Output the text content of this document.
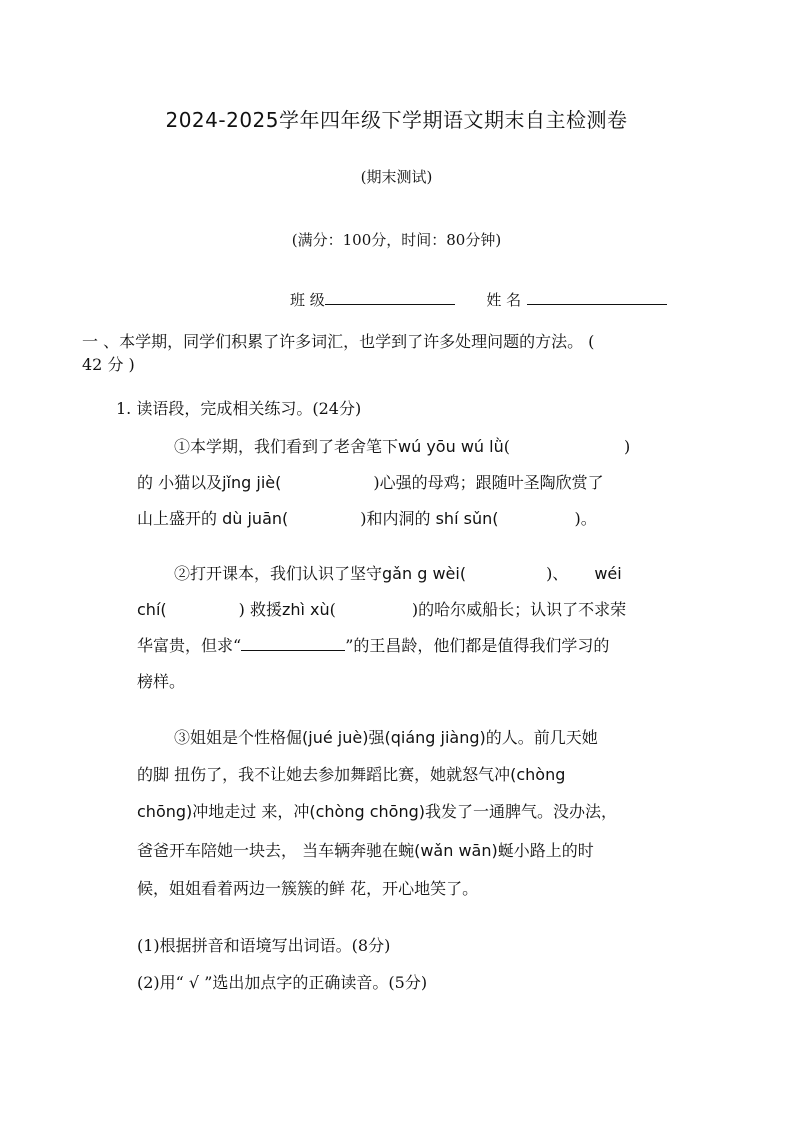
2024-2025学年四年级下学期语文期末自主检测卷
(期末测试)
(满分：100分，时间：80分钟)
班 级	姓 名
一 、本学期，同学们积累了许多词汇，也学到了许多处理问题的方法。 (
42 分 )
1. 读语段，完成相关练习。(24分)
①本学期，我们看到了老舍笔下wú yōu wú lǜ(	)
的 小猫以及jǐng jiè(	)心强的母鸡；跟随叶圣陶欣赏了
山上盛开的 dù juān(	)和内洞的 shí sǔn(	)。
②打开课本，我们认识了坚守gǎn g wèi(	)、 wéi
chí(	) 救援zhì xù(	)的哈尔威船长；认识了不求荣
华富贵，但求“	”的王昌龄，他们都是值得我们学习的
榜样。
③姐姐是个性格倔(jué juè)强(qiáng jiàng)的人。前几天她
的脚 扭伤了，我不让她去参加舞蹈比赛，她就怒气冲(chòng
chōng)冲地走过 来，冲(chòng chōng)我发了一通脾气。没办法，
爸爸开车陪她一块去， 当车辆奔驰在蜿(wǎn wān)蜒小路上的时
候，姐姐看着两边一簇簇的鲜 花，开心地笑了。
(1)根据拼音和语境写出词语。(8分)
(2)用“ √ ”选出加点字的正确读音。(5分)
